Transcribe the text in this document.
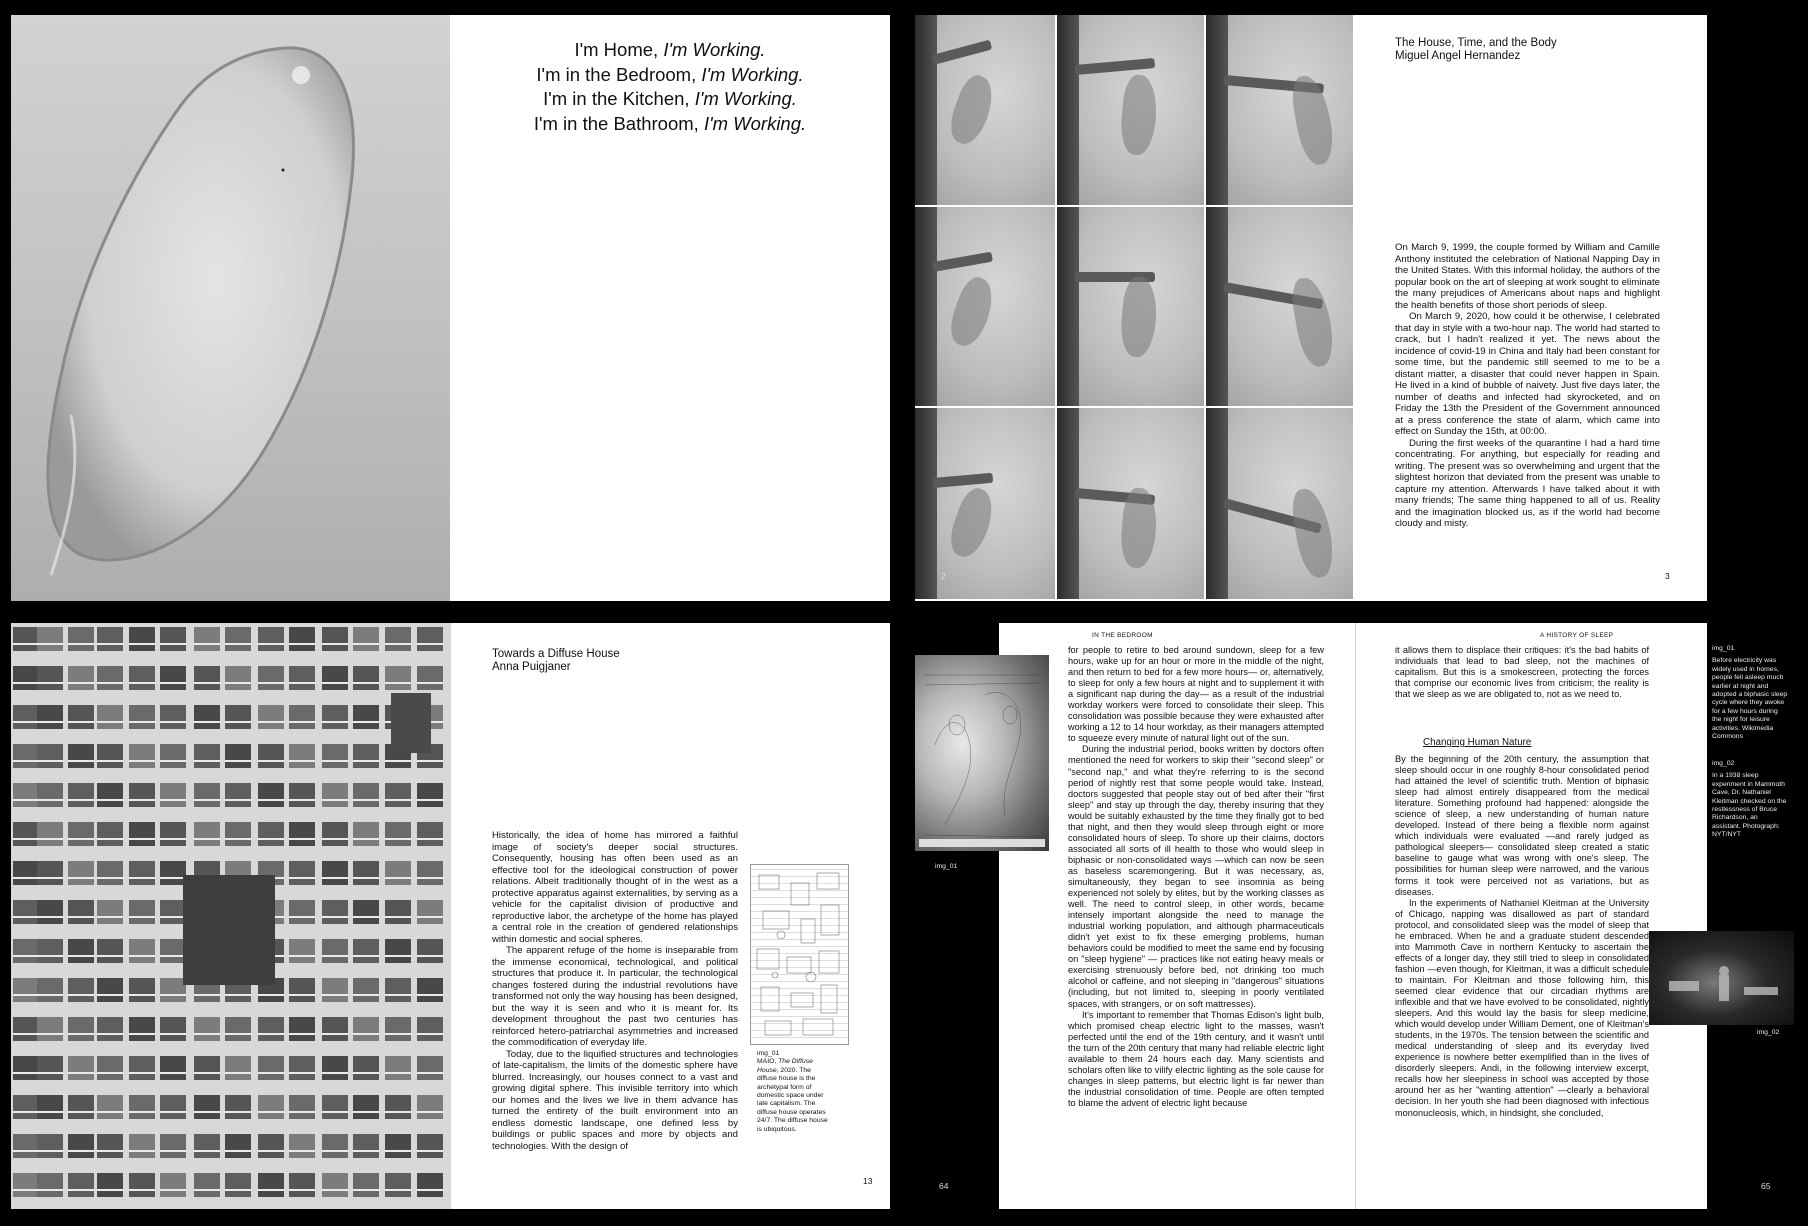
I'm Home, I'm Working.
I'm in the Bedroom, I'm Working.
I'm in the Kitchen, I'm Working.
I'm in the Bathroom, I'm Working.
2
The House, Time, and the Body
Miguel Angel Hernandez

On March 9, 1999, the couple formed by William and Camille Anthony instituted the celebration of National Napping Day in the United States. With this informal holiday, the authors of the popular book on the art of sleeping at work sought to eliminate the many prejudices of Americans about naps and highlight the health benefits of those short periods of sleep.

On March 9, 2020, how could it be otherwise, I celebrated that day in style with a two-hour nap. The world had started to crack, but I hadn't realized it yet. The news about the incidence of covid-19 in China and Italy had been constant for some time, but the pandemic still seemed to me to be a distant matter, a disaster that could never happen in Spain. He lived in a kind of bubble of naivety. Just five days later, the number of deaths and infected had skyrocketed, and on Friday the 13th the President of the Government announced at a press conference the state of alarm, which came into effect on Sunday the 15th, at 00:00.

During the first weeks of the quarantine I had a hard time concentrating. For anything, but especially for reading and writing. The present was so overwhelming and urgent that the slightest horizon that deviated from the present was unable to capture my attention. Afterwards I have talked about it with many friends; The same thing happened to all of us. Reality and the imagination blocked us, as if the world had become cloudy and misty.

3
Towards a Diffuse House
Anna Puigjaner

Historically, the idea of home has mirrored a faithful image of society's deeper social structures. Consequently, housing has often been used as an effective tool for the ideological construction of power relations. Albeit traditionally thought of in the west as a protective apparatus against externalities, by serving as a vehicle for the capitalist division of productive and reproductive labor, the archetype of the home has played a central role in the creation of gendered relationships within domestic and social spheres.

The apparent refuge of the home is inseparable from the immense economical, technological, and political structures that produce it. In particular, the technological changes fostered during the industrial revolutions have transformed not only the way housing has been designed, but the way it is seen and who it is meant for. Its development throughout the past two centuries has reinforced hetero-patriarchal asymmetries and increased the commodification of everyday life.

Today, due to the liquified structures and technologies of late-capitalism, the limits of the domestic sphere have blurred. Increasingly, our houses connect to a vast and growing digital sphere. This invisible territory into which our homes and the lives we live in them advance has turned the entirety of the built environment into an endless domestic landscape, one defined less by buildings or public spaces and more by objects and technologies. With the design of

img_01
MAIO, The Diffuse House, 2020. The diffuse house is the archetypal form of domestic space under late capitalism. The diffuse house operates 24/7. The diffuse house is ubiquitous.
13
img_01
IN THE BEDROOM

for people to retire to bed around sundown, sleep for a few hours, wake up for an hour or more in the middle of the night, and then return to bed for a few more hours— or, alternatively, to sleep for only a few hours at night and to supplement it with a significant nap during the day— as a result of the industrial workday workers were forced to consolidate their sleep. This consolidation was possible because they were exhausted after working a 12 to 14 hour workday, as their managers attempted to squeeze every minute of natural light out of the sun.

During the industrial period, books written by doctors often mentioned the need for workers to skip their "second sleep" or "second nap," and what they're referring to is the second period of nightly rest that some people would take. Instead, doctors suggested that people stay out of bed after their "first sleep" and stay up through the day, thereby insuring that they would be suitably exhausted by the time they finally got to bed that night, and then they would sleep through eight or more consolidated hours of sleep. To shore up their claims, doctors associated all sorts of ill health to those who would sleep in biphasic or non-consolidated ways —which can now be seen as baseless scaremongering. But it was necessary, as, simultaneously, they began to see insomnia as being experienced not solely by elites, but by the working classes as well. The need to control sleep, in other words, became intensely important alongside the need to manage the industrial working population, and although pharmaceuticals didn't yet exist to fix these emerging problems, human behaviors could be modified to meet the same end by focusing on "sleep hygiene" — practices like not eating heavy meals or exercising strenuously before bed, not drinking too much alcohol or caffeine, and not sleeping in "dangerous" situations (including, but not limited to, sleeping in poorly ventilated spaces, with strangers, or on soft mattresses).

It's important to remember that Thomas Edison's light bulb, which promised cheap electric light to the masses, wasn't perfected until the end of the 19th century, and it wasn't until the turn of the 20th century that many had reliable electric light available to them 24 hours each day. Many scientists and scholars often like to vilify electric lighting as the sole cause for changes in sleep patterns, but electric light is far newer than the industrial consolidation of time. People are often tempted to blame the advent of electric light because

64
A HISTORY OF SLEEP
it allows them to displace their critiques: it's the bad habits of individuals that lead to bad sleep, not the machines of capitalism. But this is a smokescreen, protecting the forces that comprise our economic lives from criticism; the reality is that we sleep as we are obligated to, not as we need to.
Changing Human Nature

By the beginning of the 20th century, the assumption that sleep should occur in one roughly 8-hour consolidated period had attained the level of scientific truth. Mention of biphasic sleep had almost entirely disappeared from the medical literature. Something profound had happened: alongside the science of sleep, a new understanding of human nature developed. Instead of there being a flexible norm against which individuals were evaluated —and rarely judged as pathological sleepers— consolidated sleep created a static baseline to gauge what was wrong with one's sleep. The possibilities for human sleep were narrowed, and the various forms it took were perceived not as variations, but as diseases.

In the experiments of Nathaniel Kleitman at the University of Chicago, napping was disallowed as part of standard protocol, and consolidated sleep was the model of sleep that he embraced. When he and a graduate student descended into Mammoth Cave in northern Kentucky to ascertain the effects of a longer day, they still tried to sleep in consolidated fashion —even though, for Kleitman, it was a difficult schedule to maintain. For Kleitman and those following him, this seemed clear evidence that our circadian rhythms are inflexible and that we have evolved to be consolidated, nightly sleepers. And this would lay the basis for sleep medicine, which would develop under William Dement, one of Kleitman's students, in the 1970s. The tension between the scientific and medical understanding of sleep and its everyday lived experience is nowhere better exemplified than in the lives of disorderly sleepers. Andi, in the following interview excerpt, recalls how her sleepiness in school was accepted by those around her as her "wanting attention" —clearly a behavioral decision. In her youth she had been diagnosed with infectious mononucleosis, which, in hindsight, she concluded,

img_01
Before electricity was widely used in homes, people fell asleep much earlier at night and adopted a biphasic sleep cycle where they awoke for a few hours during the night for leisure activities. Wikimedia Commons
img_02
In a 1938 sleep experiment in Mammoth Cave, Dr. Nathaniel Kleitman checked on the restlessness of Bruce Richardson, an assistant. Photograph: NYT/NYT
img_02
65
